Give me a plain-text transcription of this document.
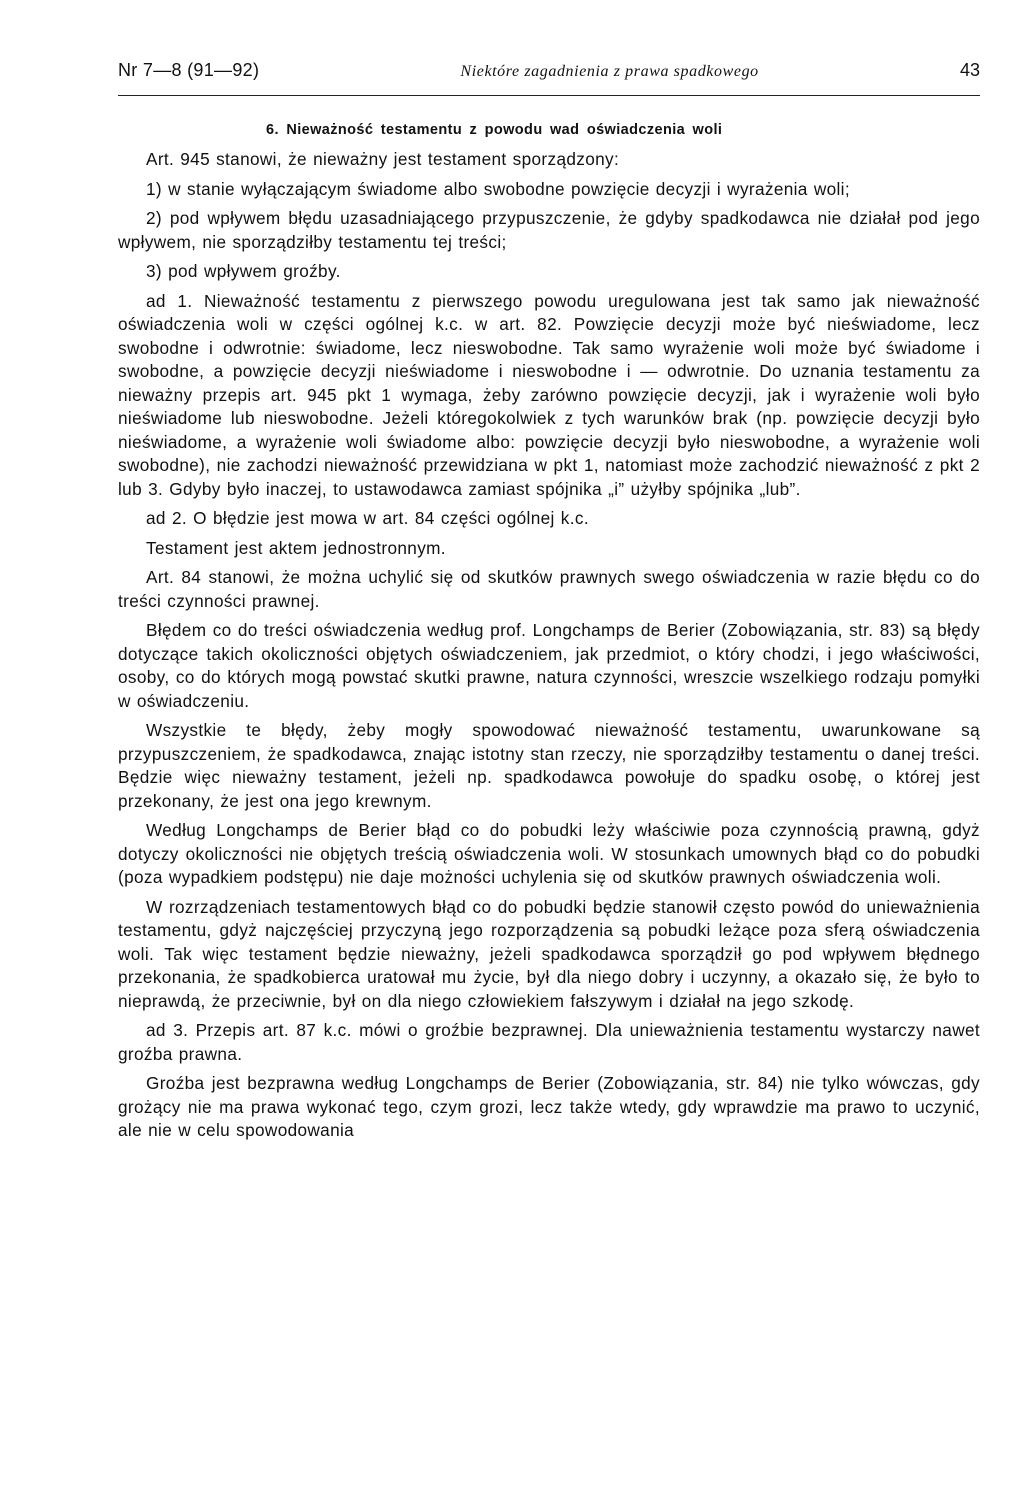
Nr 7—8 (91—92)	Niektóre zagadnienia z prawa spadkowego	43
6. Nieważność testamentu z powodu wad oświadczenia woli

Art. 945 stanowi, że nieważny jest testament sporządzony:

1) w stanie wyłączającym świadome albo swobodne powzięcie decyzji i wyrażenia woli;

2) pod wpływem błędu uzasadniającego przypuszczenie, że gdyby spadkodawca nie działał pod jego wpływem, nie sporządziłby testamentu tej treści;

3) pod wpływem groźby.

ad 1. Nieważność testamentu z pierwszego powodu uregulowana jest tak samo jak nieważność oświadczenia woli w części ogólnej k.c. w art. 82. Powzięcie decyzji może być nieświadome, lecz swobodne i odwrotnie: świadome, lecz nieswobodne. Tak samo wyrażenie woli może być świadome i swobodne, a powzięcie decyzji nieświadome i nieswobodne i — odwrotnie. Do uznania testamentu za nieważny przepis art. 945 pkt 1 wymaga, żeby zarówno powzięcie decyzji, jak i wyrażenie woli było nieświadome lub nieswobodne. Jeżeli któregokolwiek z tych warunków brak (np. powzięcie decyzji było nieświadome, a wyrażenie woli świadome albo: powzięcie decyzji było nieswobodne, a wyrażenie woli swobodne), nie zachodzi nieważność przewidziana w pkt 1, natomiast może zachodzić nieważność z pkt 2 lub 3. Gdyby było inaczej, to ustawodawca zamiast spójnika „i” użyłby spójnika „lub”.

ad 2. O błędzie jest mowa w art. 84 części ogólnej k.c.

Testament jest aktem jednostronnym.

Art. 84 stanowi, że można uchylić się od skutków prawnych swego oświadczenia w razie błędu co do treści czynności prawnej.

Błędem co do treści oświadczenia według prof. Longchamps de Berier (Zobowiązania, str. 83) są błędy dotyczące takich okoliczności objętych oświadczeniem, jak przedmiot, o który chodzi, i jego właściwości, osoby, co do których mogą powstać skutki prawne, natura czynności, wreszcie wszelkiego rodzaju pomyłki w oświadczeniu.

Wszystkie te błędy, żeby mogły spowodować nieważność testamentu, uwarunkowane są przypuszczeniem, że spadkodawca, znając istotny stan rzeczy, nie sporządziłby testamentu o danej treści. Będzie więc nieważny testament, jeżeli np. spadkodawca powołuje do spadku osobę, o której jest przekonany, że jest ona jego krewnym.

Według Longchamps de Berier błąd co do pobudki leży właściwie poza czynnością prawną, gdyż dotyczy okoliczności nie objętych treścią oświadczenia woli. W stosunkach umownych błąd co do pobudki (poza wypadkiem podstępu) nie daje możności uchylenia się od skutków prawnych oświadczenia woli.

W rozrządzeniach testamentowych błąd co do pobudki będzie stanowił często powód do unieważnienia testamentu, gdyż najczęściej przyczyną jego rozporządzenia są pobudki leżące poza sferą oświadczenia woli. Tak więc testament będzie nieważny, jeżeli spadkodawca sporządził go pod wpływem błędnego przekonania, że spadkobierca uratował mu życie, był dla niego dobry i uczynny, a okazało się, że było to nieprawdą, że przeciwnie, był on dla niego człowiekiem fałszywym i działał na jego szkodę.

ad 3. Przepis art. 87 k.c. mówi o groźbie bezprawnej. Dla unieważnienia testamentu wystarczy nawet groźba prawna.

Groźba jest bezprawna według Longchamps de Berier (Zobowiązania, str. 84) nie tylko wówczas, gdy grożący nie ma prawa wykonać tego, czym grozi, lecz także wtedy, gdy wprawdzie ma prawo to uczynić, ale nie w celu spowodowania
